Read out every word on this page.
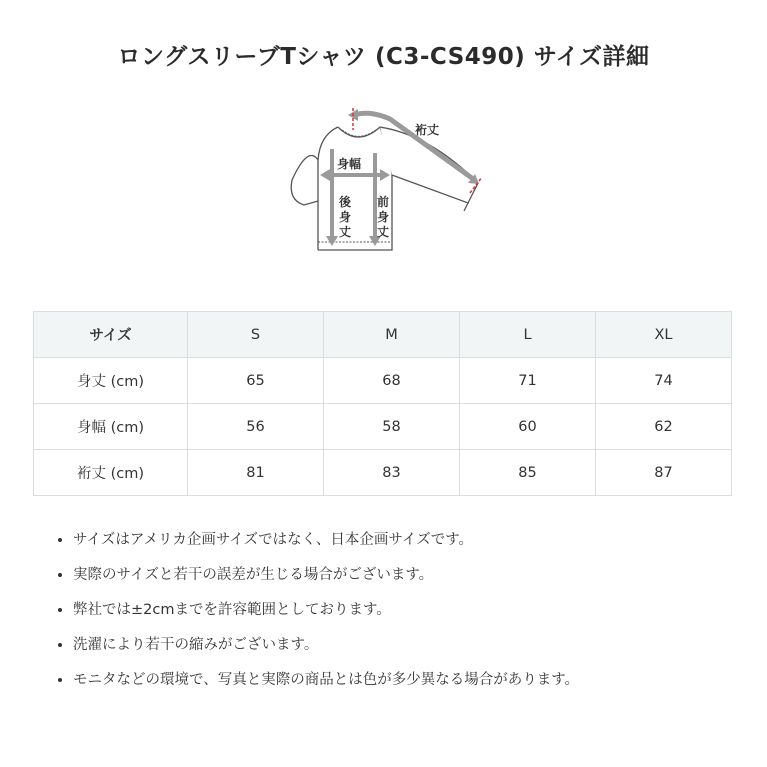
ロングスリーブTシャツ (C3-CS490) サイズ詳細
裄丈
身幅
後身丈
前身丈
サイズ	S	M	L	XL
身丈 (cm)	65	68	71	74
身幅 (cm)	56	58	60	62
裄丈 (cm)	81	83	85	87
• サイズはアメリカ企画サイズではなく、日本企画サイズです。
• 実際のサイズと若干の誤差が生じる場合がございます。
• 弊社では±2cmまでを許容範囲としております。
• 洗濯により若干の縮みがございます。
• モニタなどの環境で、写真と実際の商品とは色が多少異なる場合があります。
